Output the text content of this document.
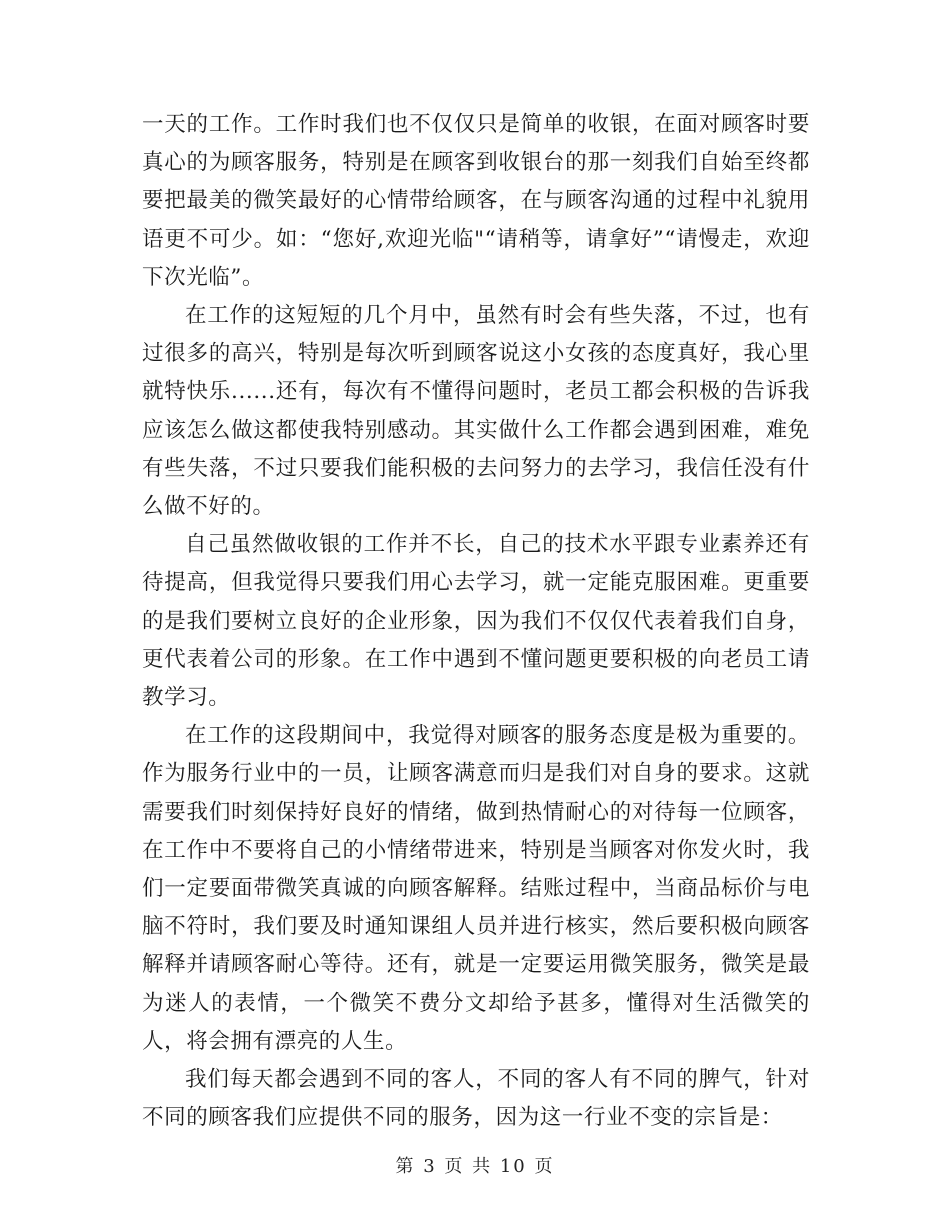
一天的工作。工作时我们也不仅仅只是简单的收银，在面对顾客时要真心的为顾客服务，特别是在顾客到收银台的那一刻我们自始至终都要把最美的微笑最好的心情带给顾客，在与顾客沟通的过程中礼貌用语更不可少。如：“您好,欢迎光临"“请稍等，请拿好”“请慢走，欢迎下次光临”。

在工作的这短短的几个月中，虽然有时会有些失落，不过，也有过很多的高兴，特别是每次听到顾客说这小女孩的态度真好，我心里就特快乐......还有，每次有不懂得问题时，老员工都会积极的告诉我应该怎么做这都使我特别感动。其实做什么工作都会遇到困难，难免有些失落，不过只要我们能积极的去问努力的去学习，我信任没有什么做不好的。

自己虽然做收银的工作并不长，自己的技术水平跟专业素养还有待提高，但我觉得只要我们用心去学习，就一定能克服困难。更重要的是我们要树立良好的企业形象，因为我们不仅仅代表着我们自身，更代表着公司的形象。在工作中遇到不懂问题更要积极的向老员工请教学习。

在工作的这段期间中，我觉得对顾客的服务态度是极为重要的。作为服务行业中的一员，让顾客满意而归是我们对自身的要求。这就需要我们时刻保持好良好的情绪，做到热情耐心的对待每一位顾客，在工作中不要将自己的小情绪带进来，特别是当顾客对你发火时，我们一定要面带微笑真诚的向顾客解释。结账过程中，当商品标价与电脑不符时，我们要及时通知课组人员并进行核实，然后要积极向顾客解释并请顾客耐心等待。还有，就是一定要运用微笑服务，微笑是最为迷人的表情，一个微笑不费分文却给予甚多，懂得对生活微笑的人，将会拥有漂亮的人生。

我们每天都会遇到不同的客人，不同的客人有不同的脾气，针对不同的顾客我们应提供不同的服务，因为这一行业不变的宗旨是：

第 3 页 共 10 页
